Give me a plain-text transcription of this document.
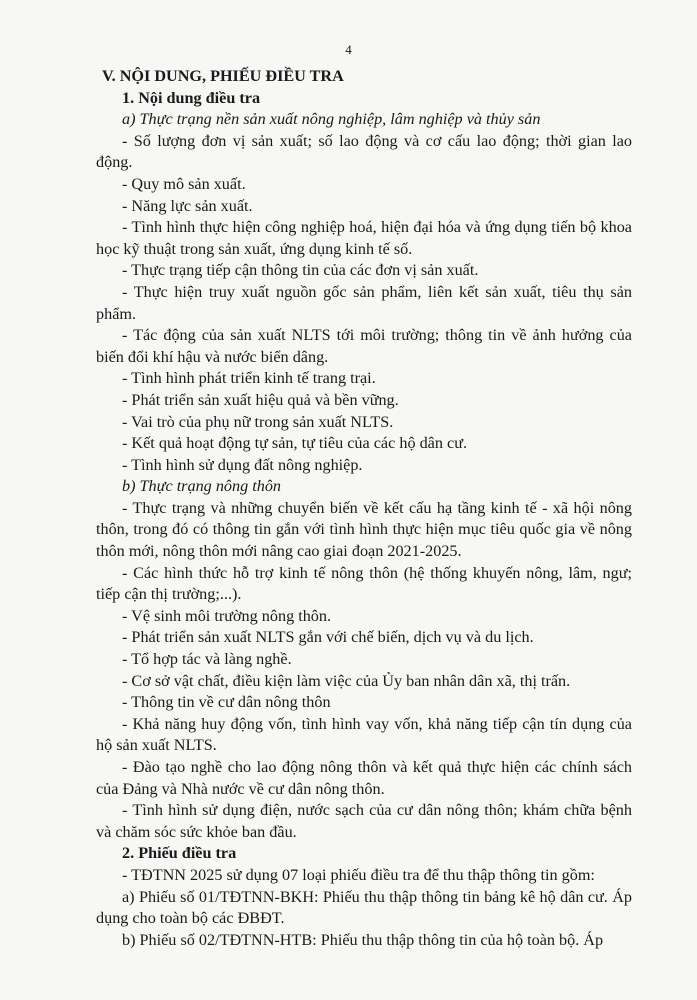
4

V. NỘI DUNG, PHIẾU ĐIỀU TRA

1. Nội dung điều tra

a) Thực trạng nền sản xuất nông nghiệp, lâm nghiệp và thủy sản

- Số lượng đơn vị sản xuất; số lao động và cơ cấu lao động; thời gian lao động.

- Quy mô sản xuất.

- Năng lực sản xuất.

- Tình hình thực hiện công nghiệp hoá, hiện đại hóa và ứng dụng tiến bộ khoa học kỹ thuật trong sản xuất, ứng dụng kinh tế số.

- Thực trạng tiếp cận thông tin của các đơn vị sản xuất.

- Thực hiện truy xuất nguồn gốc sản phẩm, liên kết sản xuất, tiêu thụ sản phẩm.

- Tác động của sản xuất NLTS tới môi trường; thông tin về ảnh hưởng của biến đổi khí hậu và nước biển dâng.

- Tình hình phát triển kinh tế trang trại.

- Phát triển sản xuất hiệu quả và bền vững.

- Vai trò của phụ nữ trong sản xuất NLTS.

- Kết quả hoạt động tự sản, tự tiêu của các hộ dân cư.

- Tình hình sử dụng đất nông nghiệp.

b) Thực trạng nông thôn

- Thực trạng và những chuyển biến về kết cấu hạ tầng kinh tế - xã hội nông thôn, trong đó có thông tin gắn với tình hình thực hiện mục tiêu quốc gia về nông thôn mới, nông thôn mới nâng cao giai đoạn 2021-2025.

- Các hình thức hỗ trợ kinh tế nông thôn (hệ thống khuyến nông, lâm, ngư; tiếp cận thị trường;...).

- Vệ sinh môi trường nông thôn.

- Phát triển sản xuất NLTS gắn với chế biến, dịch vụ và du lịch.

- Tổ hợp tác và làng nghề.

- Cơ sở vật chất, điều kiện làm việc của Ủy ban nhân dân xã, thị trấn.

- Thông tin về cư dân nông thôn

- Khả năng huy động vốn, tình hình vay vốn, khả năng tiếp cận tín dụng của hộ sản xuất NLTS.

- Đào tạo nghề cho lao động nông thôn và kết quả thực hiện các chính sách của Đảng và Nhà nước về cư dân nông thôn.

- Tình hình sử dụng điện, nước sạch của cư dân nông thôn; khám chữa bệnh và chăm sóc sức khỏe ban đầu.

2. Phiếu điều tra

- TĐTNN 2025 sử dụng 07 loại phiếu điều tra để thu thập thông tin gồm:

a) Phiếu số 01/TĐTNN-BKH: Phiếu thu thập thông tin bảng kê hộ dân cư. Áp dụng cho toàn bộ các ĐBĐT.

b) Phiếu số 02/TĐTNN-HTB: Phiếu thu thập thông tin của hộ toàn bộ. Áp
